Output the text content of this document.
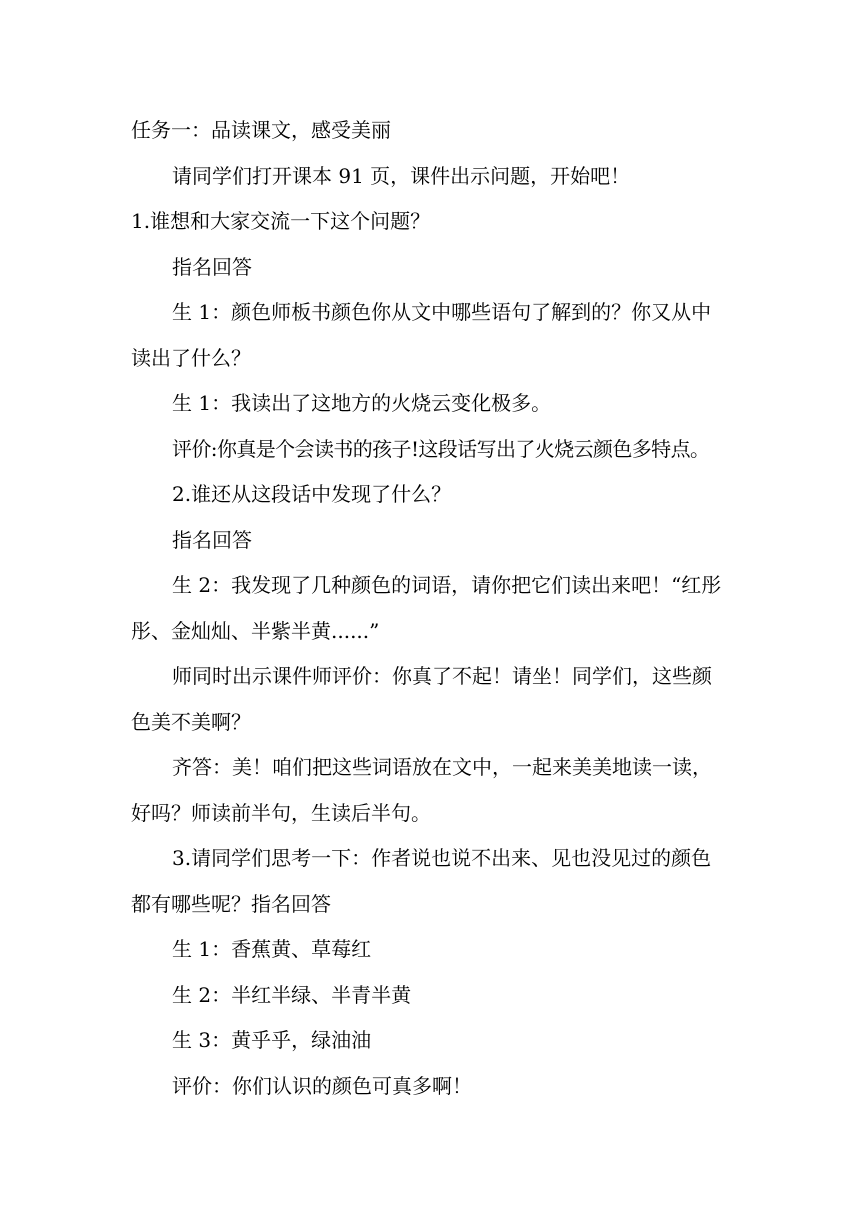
任务一：品读课文，感受美丽

请同学们打开课本 91 页，课件出示问题，开始吧！

1.谁想和大家交流一下这个问题？

指名回答

生 1：颜色师板书颜色你从文中哪些语句了解到的？你又从中读出了什么？

生 1：我读出了这地方的火烧云变化极多。

评价:你真是个会读书的孩子!这段话写出了火烧云颜色多特点。

2.谁还从这段话中发现了什么？

指名回答

生 2：我发现了几种颜色的词语，请你把它们读出来吧！“红彤彤、金灿灿、半紫半黄......”

师同时出示课件师评价：你真了不起！请坐！同学们，这些颜色美不美啊？

齐答：美！咱们把这些词语放在文中，一起来美美地读一读，好吗？师读前半句，生读后半句。

3.请同学们思考一下：作者说也说不出来、见也没见过的颜色都有哪些呢？指名回答

生 1：香蕉黄、草莓红

生 2：半红半绿、半青半黄

生 3：黄乎乎，绿油油

评价：你们认识的颜色可真多啊！
